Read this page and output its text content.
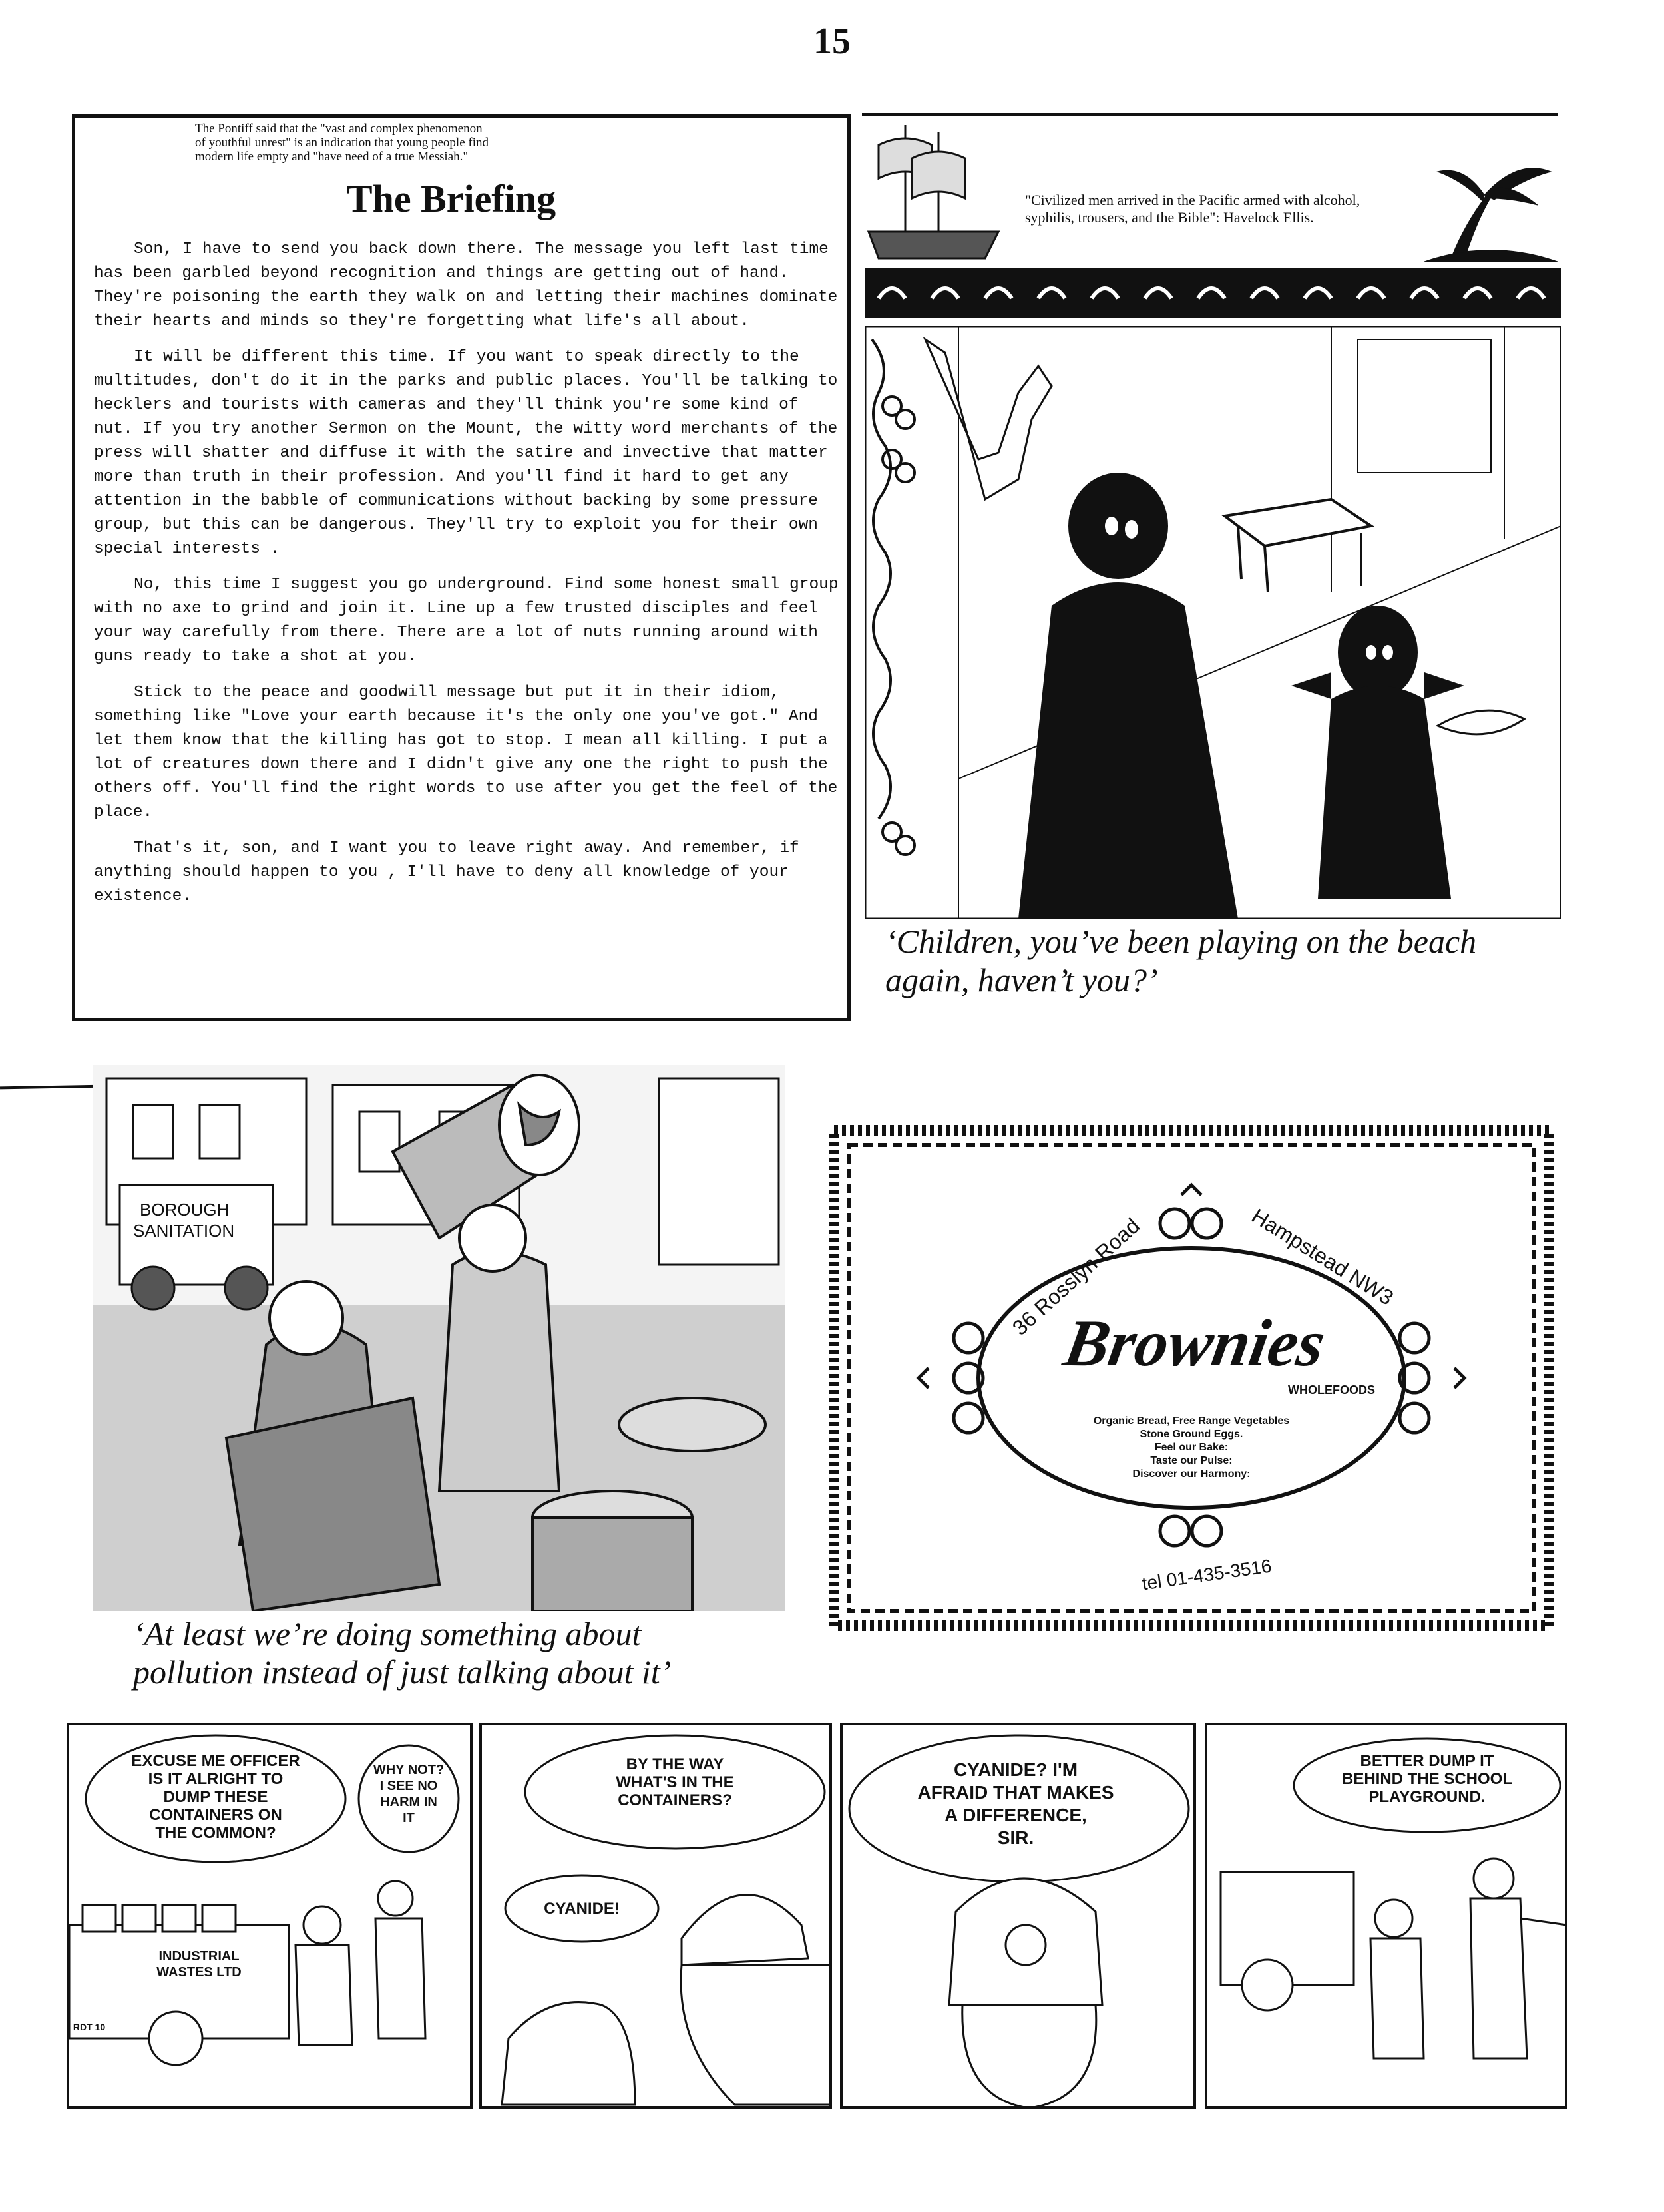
15
The Pontiff said that the "vast and complex phenomenon
of youthful unrest" is an indication that young people find
modern life empty and "have need of a true Messiah."
The Briefing

Son, I have to send you back down there. The message you left last time has been garbled beyond recognition and things are getting out of hand. They're poisoning the earth they walk on and letting their machines dominate their hearts and minds so they're forgetting what life's all about.

It will be different this time. If you want to speak directly to the multitudes, don't do it in the parks and public places. You'll be talking to hecklers and tourists with cameras and they'll think you're some kind of nut. If you try another Sermon on the Mount, the witty word merchants of the press will shatter and diffuse it with the satire and invective that matter more than truth in their profession. And you'll find it hard to get any attention in the babble of communications without backing by some pressure group, but this can be dangerous. They'll try to exploit you for their own special interests .

No, this time I suggest you go underground. Find some honest small group with no axe to grind and join it. Line up a few trusted disciples and feel your way carefully from there. There are a lot of nuts running around with guns ready to take a shot at you.

Stick to the peace and goodwill message but put it in their idiom, something like "Love your earth because it's the only one you've got." And let them know that the killing has got to stop. I mean all killing. I put a lot of creatures down there and I didn't give any one the right to push the others off. You'll find the right words to use after you get the feel of the place.

That's it, son, and I want you to leave right away. And remember, if anything should happen to you , I'll have to deny all knowledge of your existence.

"Civilized men arrived in the Pacific armed with alcohol, syphilis, trousers, and the Bible": Havelock Ellis.
‘Children, you’ve been playing on the beach
again, haven’t you?’
BOROUGH
SANITATION
‘At least we’re doing something about
pollution instead of just talking about it’
36 Rosslyn Road	Hampstead NW3
Brownies
WHOLEFOODS
Organic Bread, Free Range Vegetables
Stone Ground Eggs.
Feel our Bake:
Taste our Pulse:
Discover our Harmony:
tel 01-435-3516
EXCUSE ME OFFICER
IS IT ALRIGHT TO
DUMP THESE
CONTAINERS ON
THE COMMON?
WHY NOT?
I SEE NO
HARM IN
IT
INDUSTRIAL
WASTES LTD
RDT 10
BY THE WAY
WHAT'S IN THE
CONTAINERS?
CYANIDE!
CYANIDE? I'M
AFRAID THAT MAKES
A DIFFERENCE,
SIR.
BETTER DUMP IT
BEHIND THE SCHOOL
PLAYGROUND.
